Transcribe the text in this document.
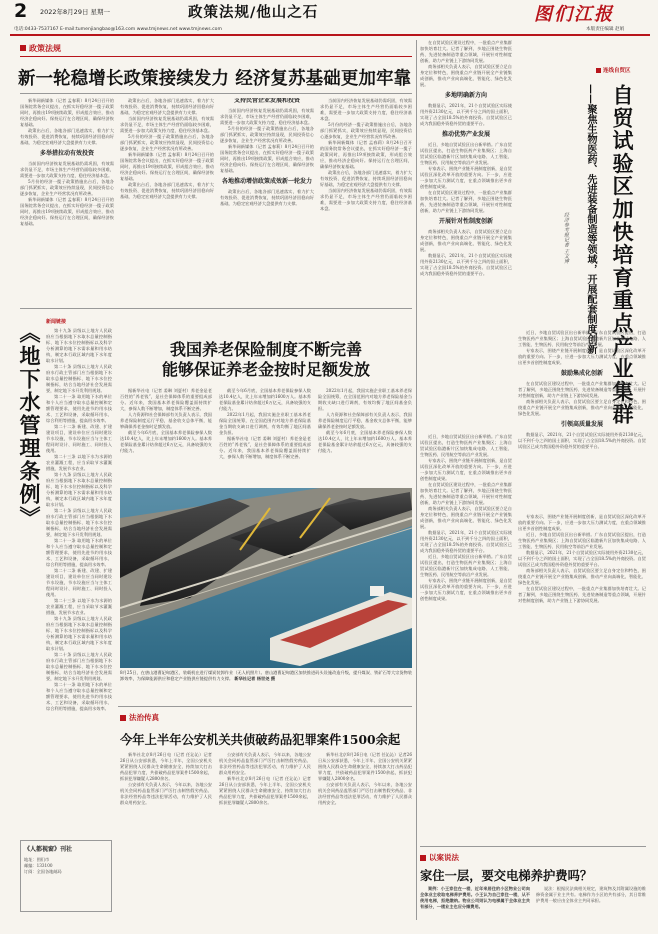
2 2022年8月29日 星期一	政策法规/他山之石	图们江报
电话:0433-7537167 E-mail:tumenjiangbao@163.com www.tmjnews.net www.tmjnews.com	本版责任编辑 赵娟
政策法规
新一轮稳增长政策接续发力 经济复苏基础更加牢靠

新华网新媒体（记者 孟春莉）8月24日召开的国务院常务会议提出，在抓实好稳经济一揽子政策同时，再推出19项接续政策，形成组合效应，推动经济企稳向好。保持运行在合理区间，确保经济恢复基础。

政策出台后，各地各部门迅速落实，着力扩大有效投资、促进消费恢复，持续巩固经济回稳向好基础，为稳定宏观经济大盘提供有力支撑。

多举措拉动有效投资

当前国内经济恢复发展基础仍需巩固，有效需求仍显不足，市场主体生产经营仍面临较多困难，需要进一步加大政策支持力度，稳住经济基本盘。

5月份的经济一揽子政策措施出台后，各地各部门抓紧抓实，政策效应持续显现，民间投资信心逐步恢复，企业生产经营状况有所改善。

新华网新媒体（记者 孟春莉）8月24日召开的国务院常务会议提出，在抓实好稳经济一揽子政策同时，再推出19项接续政策，形成组合效应，推动经济企稳向好。保持运行在合理区间，确保经济恢复基础。

政策出台后，各地各部门迅速落实，着力扩大有效投资、促进消费恢复，持续巩固经济回稳向好基础，为稳定宏观经济大盘提供有力支撑。

当前国内经济恢复发展基础仍需巩固，有效需求仍显不足，市场主体生产经营仍面临较多困难，需要进一步加大政策支持力度，稳住经济基本盘。

5月份的经济一揽子政策措施出台后，各地各部门抓紧抓实，政策效应持续显现，民间投资信心逐步恢复，企业生产经营状况有所改善。

新华网新媒体（记者 孟春莉）8月24日召开的国务院常务会议提出，在抓实好稳经济一揽子政策同时，再推出19项接续政策，形成组合效应，推动经济企稳向好。保持运行在合理区间，确保经济恢复基础。

政策出台后，各地各部门迅速落实，着力扩大有效投资、促进消费恢复，持续巩固经济回稳向好基础，为稳定宏观经济大盘提供有力支撑。

支持民营企业发展和投资

当前国内经济恢复发展基础仍需巩固，有效需求仍显不足，市场主体生产经营仍面临较多困难，需要进一步加大政策支持力度，稳住经济基本盘。

5月份的经济一揽子政策措施出台后，各地各部门抓紧抓实，政策效应持续显现，民间投资信心逐步恢复，企业生产经营状况有所改善。

新华网新媒体（记者 孟春莉）8月24日召开的国务院常务会议提出，在抓实好稳经济一揽子政策同时，再推出19项接续政策，形成组合效应，推动经济企稳向好。保持运行在合理区间，确保经济恢复基础。

各地推动增信政策成效新一轮发力

政策出台后，各地各部门迅速落实，着力扩大有效投资、促进消费恢复，持续巩固经济回稳向好基础，为稳定宏观经济大盘提供有力支撑。

当前国内经济恢复发展基础仍需巩固，有效需求仍显不足，市场主体生产经营仍面临较多困难，需要进一步加大政策支持力度，稳住经济基本盘。

5月份的经济一揽子政策措施出台后，各地各部门抓紧抓实，政策效应持续显现，民间投资信心逐步恢复，企业生产经营状况有所改善。

新华网新媒体（记者 孟春莉）8月24日召开的国务院常务会议提出，在抓实好稳经济一揽子政策同时，再推出19项接续政策，形成组合效应，推动经济企稳向好。保持运行在合理区间，确保经济恢复基础。

政策出台后，各地各部门迅速落实，着力扩大有效投资、促进消费恢复，持续巩固经济回稳向好基础，为稳定宏观经济大盘提供有力支撑。

当前国内经济恢复发展基础仍需巩固，有效需求仍显不足，市场主体生产经营仍面临较多困难，需要进一步加大政策支持力度，稳住经济基本盘。

《地下水管理条例》 新闻链接

第十九条 县级以上地方人民政府应当根据地下水取水总量控制指标、地下水水位控制指标以及科学分析测算的地下水需求量和用水结构，制定本行政区域内地下水年度取水计划。

第二十条 县级以上地方人民政府水行政主管部门应当根据地下水取水总量控制指标、地下水水位控制指标，结合当地经济社会发展需要，制定地下水开发利用规划。

第二十一条 取用地下水的单位和个人应当遵守取水总量控制和定额管理要求，使用先进节约用水技术、工艺和设备，采取循环用水、综合利用等措施，提高用水效率。

第二十二条 新建、改建、扩建建设项目，建设单位应当同时建设节水设施，节水设施应当与主体工程同时设计、同时施工、同时投入使用。

第二十三条 以地下水为水源的农业灌溉工程，应当采取节水灌溉措施，发展节水农业。

第十九条 县级以上地方人民政府应当根据地下水取水总量控制指标、地下水水位控制指标以及科学分析测算的地下水需求量和用水结构，制定本行政区域内地下水年度取水计划。

第二十条 县级以上地方人民政府水行政主管部门应当根据地下水取水总量控制指标、地下水水位控制指标，结合当地经济社会发展需要，制定地下水开发利用规划。

第二十一条 取用地下水的单位和个人应当遵守取水总量控制和定额管理要求，使用先进节约用水技术、工艺和设备，采取循环用水、综合利用等措施，提高用水效率。

第二十二条 新建、改建、扩建建设项目，建设单位应当同时建设节水设施，节水设施应当与主体工程同时设计、同时施工、同时投入使用。

第二十三条 以地下水为水源的农业灌溉工程，应当采取节水灌溉措施，发展节水农业。

第十九条 县级以上地方人民政府应当根据地下水取水总量控制指标、地下水水位控制指标以及科学分析测算的地下水需求量和用水结构，制定本行政区域内地下水年度取水计划。

第二十条 县级以上地方人民政府水行政主管部门应当根据地下水取水总量控制指标、地下水水位控制指标，结合当地经济社会发展需要，制定地下水开发利用规划。

第二十一条 取用地下水的单位和个人应当遵守取水总量控制和定额管理要求，使用先进节约用水技术、工艺和设备，采取循环用水、综合利用等措施，提高用水效率。

我国养老保险制度不断完善
能够保证养老金按时足额发放

据新华社电（记者 姜琳 刘夏村）养老金是老百姓的“养老钱”，是社会保障体系的重要组成部分。近年来，我国基本养老保险覆盖面持续扩大，参保人数不断增加，制度体系不断完善。

人力资源和社会保障部有关负责人表示，我国养老保险制度运行平稳，基金收支总体平衡，能够确保养老金按时足额发放。

截至今年6月底，全国基本养老保险参保人数达10.4亿人，比上年末增加约1600万人。基本养老保险基金累计结余超过6万亿元，具备较强的支付能力。

截至今年6月底，全国基本养老保险参保人数达10.4亿人，比上年末增加约1600万人。基本养老保险基金累计结余超过6万亿元，具备较强的支付能力。

2022年1月起，我国实施企业职工基本养老保险全国统筹，在全国范围内对地方养老保险基金当期收支缺口进行调剂，有效均衡了地区间基金负担。

据新华社电（记者 姜琳 刘夏村）养老金是老百姓的“养老钱”，是社会保障体系的重要组成部分。近年来，我国基本养老保险覆盖面持续扩大，参保人数不断增加，制度体系不断完善。

2022年1月起，我国实施企业职工基本养老保险全国统筹，在全国范围内对地方养老保险基金当期收支缺口进行调剂，有效均衡了地区间基金负担。

人力资源和社会保障部有关负责人表示，我国养老保险制度运行平稳，基金收支总体平衡，能够确保养老金按时足额发放。

截至今年6月底，全国基本养老保险参保人数达10.4亿人，比上年末增加约1600万人。基本养老保险基金累计结余超过6万亿元，具备较强的支付能力。

8月25日，在唐山港曹妃甸港区，装载机在进行煤炭装卸作业（无人机照片）。唐山港曹妃甸港区加快推进码头设施改造升级，提升煤炭、铁矿石等大宗货物装卸效率，为保障能源供应和稳定产业链供应链提供有力支撑。 新华社记者 杨世尧 摄
法治传真
今年上半年公安机关共侦破药品犯罪案件1500余起

新华社北京8月26日电（记者 任沁沁）记者26日从公安部获悉，今年上半年，全国公安机关紧紧围绕人民群众生命健康安全，持续加大打击药品犯罪力度，共侦破药品犯罪案件1500余起，抓获犯罪嫌疑人2800余名。

公安部有关负责人表示，今年以来，各地公安机关会同药品监管部门严厉打击制售假劣药品、非法经营药品等违法犯罪活动，有力维护了人民群众用药安全。

公安部有关负责人表示，今年以来，各地公安机关会同药品监管部门严厉打击制售假劣药品、非法经营药品等违法犯罪活动，有力维护了人民群众用药安全。

新华社北京8月26日电（记者 任沁沁）记者26日从公安部获悉，今年上半年，全国公安机关紧紧围绕人民群众生命健康安全，持续加大打击药品犯罪力度，共侦破药品犯罪案件1500余起，抓获犯罪嫌疑人2800余名。

新华社北京8月26日电（记者 任沁沁）记者26日从公安部获悉，今年上半年，全国公安机关紧紧围绕人民群众生命健康安全，持续加大打击药品犯罪力度，共侦破药品犯罪案件1500余起，抓获犯罪嫌疑人2800余名。

公安部有关负责人表示，今年以来，各地公安机关会同药品监管部门严厉打击制售假劣药品、非法经营药品等违法犯罪活动，有力维护了人民群众用药安全。

《人都视窗》刊社
地址：图们市
邮编：133100
订阅：全国各地邮局

在自贸试验区建设过程中，一批重点产业集群加快培育壮大。记者了解到，多地正围绕生物医药、先进装备制造等重点领域，开展针对性制度创新，助力产业链上下游协同发展。

商务部相关负责人表示，自贸试验区要立足自身定位和特色，围绕重点产业链开展全产业链集成创新，推动产业向高端化、智能化、绿色化发展。

多地明确新方向

数据显示，2021年，21个自贸试验区实际使用外资2130亿元，以不到千分之四的国土面积，实现了占全国18.5%的外商投资。自贸试验区已成为我国稳外资稳外贸的重要平台。

推动优势产业发展

近日，多地自贸试验区出台新举措。广东自贸试验区提出，打造生物医药产业集聚区；上海自贸试验区临港新片区加快集成电路、人工智能、生物医药、民用航空等前沿产业发展。

专家表示，围绕产业链开展制度创新，是自贸试验区深化改革开放的重要方向。下一步，应进一步加大压力测试力度，在重点领域推出更多首创性制度成果。

在自贸试验区建设过程中，一批重点产业集群加快培育壮大。记者了解到，多地正围绕生物医药、先进装备制造等重点领域，开展针对性制度创新，助力产业链上下游协同发展。

开展针对性制度创新

商务部相关负责人表示，自贸试验区要立足自身定位和特色，围绕重点产业链开展全产业链集成创新，推动产业向高端化、智能化、绿色化发展。

数据显示，2021年，21个自贸试验区实际使用外资2130亿元，以不到千分之四的国土面积，实现了占全国18.5%的外商投资。自贸试验区已成为我国稳外资稳外贸的重要平台。

连线自贸区
自贸试验区加快培育重点产业集群
——聚焦生物医药、先进装备制造等领域，开展配套制度创新
经济参考报记者 王文博

近日，多地自贸试验区出台新举措。广东自贸试验区提出，打造生物医药产业集聚区；上海自贸试验区临港新片区加快集成电路、人工智能、生物医药、民用航空等前沿产业发展。

专家表示，围绕产业链开展制度创新，是自贸试验区深化改革开放的重要方向。下一步，应进一步加大压力测试力度，在重点领域推出更多首创性制度成果。

鼓励集成化创新

在自贸试验区建设过程中，一批重点产业集群加快培育壮大。记者了解到，多地正围绕生物医药、先进装备制造等重点领域，开展针对性制度创新，助力产业链上下游协同发展。

商务部相关负责人表示，自贸试验区要立足自身定位和特色，围绕重点产业链开展全产业链集成创新，推动产业向高端化、智能化、绿色化发展。

引领高质量发展

数据显示，2021年，21个自贸试验区实际使用外资2130亿元，以不到千分之四的国土面积，实现了占全国18.5%的外商投资。自贸试验区已成为我国稳外资稳外贸的重要平台。

近日，多地自贸试验区出台新举措。广东自贸试验区提出，打造生物医药产业集聚区；上海自贸试验区临港新片区加快集成电路、人工智能、生物医药、民用航空等前沿产业发展。

专家表示，围绕产业链开展制度创新，是自贸试验区深化改革开放的重要方向。下一步，应进一步加大压力测试力度，在重点领域推出更多首创性制度成果。

在自贸试验区建设过程中，一批重点产业集群加快培育壮大。记者了解到，多地正围绕生物医药、先进装备制造等重点领域，开展针对性制度创新，助力产业链上下游协同发展。

商务部相关负责人表示，自贸试验区要立足自身定位和特色，围绕重点产业链开展全产业链集成创新，推动产业向高端化、智能化、绿色化发展。

数据显示，2021年，21个自贸试验区实际使用外资2130亿元，以不到千分之四的国土面积，实现了占全国18.5%的外商投资。自贸试验区已成为我国稳外资稳外贸的重要平台。

近日，多地自贸试验区出台新举措。广东自贸试验区提出，打造生物医药产业集聚区；上海自贸试验区临港新片区加快集成电路、人工智能、生物医药、民用航空等前沿产业发展。

专家表示，围绕产业链开展制度创新，是自贸试验区深化改革开放的重要方向。下一步，应进一步加大压力测试力度，在重点领域推出更多首创性制度成果。

专家表示，围绕产业链开展制度创新，是自贸试验区深化改革开放的重要方向。下一步，应进一步加大压力测试力度，在重点领域推出更多首创性制度成果。

近日，多地自贸试验区出台新举措。广东自贸试验区提出，打造生物医药产业集聚区；上海自贸试验区临港新片区加快集成电路、人工智能、生物医药、民用航空等前沿产业发展。

数据显示，2021年，21个自贸试验区实际使用外资2130亿元，以不到千分之四的国土面积，实现了占全国18.5%的外商投资。自贸试验区已成为我国稳外资稳外贸的重要平台。

商务部相关负责人表示，自贸试验区要立足自身定位和特色，围绕重点产业链开展全产业链集成创新，推动产业向高端化、智能化、绿色化发展。

在自贸试验区建设过程中，一批重点产业集群加快培育壮大。记者了解到，多地正围绕生物医药、先进装备制造等重点领域，开展针对性制度创新，助力产业链上下游协同发展。

以案说法
家住一层，要交电梯养护费吗？

案例：小王家住在一楼，近年来居住的小区物业公司向全体业主收取电梯养护费用。小王认为自己家住一楼，从不使用电梯，拒绝缴纳。物业公司则认为电梯属于全体业主共有部分，一楼业主也应分摊费用。

说法：根据民法典相关规定，建筑物及其附属设施的维修资金属于业主共有。电梯作为小区的共有部分，其日常维护费用一般应由全体业主共同承担。
